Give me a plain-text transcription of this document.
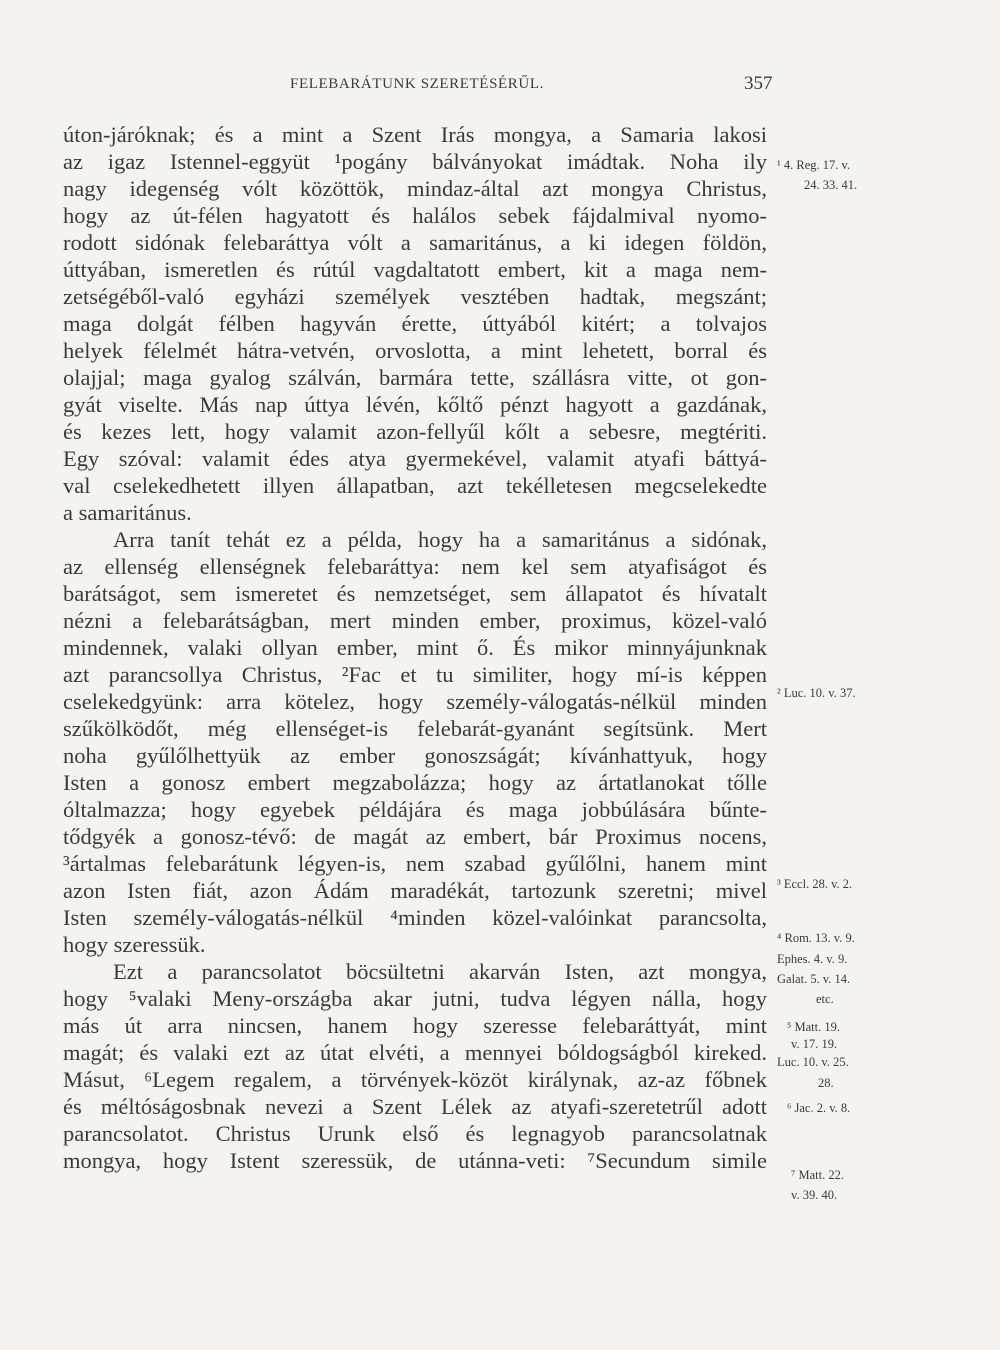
FELEBARÁTUNK SZERETÉSÉRŰL.	357
úton-járóknak; és a mint a Szent Irás mongya, a Samaria lakosi
az igaz Istennel-eggyüt ¹pogány bálványokat imádtak. Noha ily
nagy idegenség vólt közöttök, mindaz-által azt mongya Christus,
hogy az út-félen hagyatott és halálos sebek fájdalmival nyomo-
rodott sidónak felebaráttya vólt a samaritánus, a ki idegen földön,
úttyában, ismeretlen és rútúl vagdaltatott embert, kit a maga nem-
zetségéből-való egyházi személyek vesztében hadtak, megszánt;
maga dolgát félben hagyván érette, úttyából kitért; a tolvajos
helyek félelmét hátra-vetvén, orvoslotta, a mint lehetett, borral és
olajjal; maga gyalog szálván, barmára tette, szállásra vitte, ot gon-
gyát viselte. Más nap úttya lévén, kőltő pénzt hagyott a gazdának,
és kezes lett, hogy valamit azon-fellyűl kőlt a sebesre, megtériti.
Egy szóval: valamit édes atya gyermekével, valamit atyafi báttyá-
val cselekedhetett illyen állapatban, azt tekélletesen megcselekedte
a samaritánus.
Arra tanít tehát ez a példa, hogy ha a samaritánus a sidónak,
az ellenség ellenségnek felebaráttya: nem kel sem atyafiságot és
barátságot, sem ismeretet és nemzetséget, sem állapatot és hívatalt
nézni a felebarátságban, mert minden ember, proximus, közel-való
mindennek, valaki ollyan ember, mint ő. És mikor minnyájunknak
azt parancsollya Christus, ²Fac et tu similiter, hogy mí-is képpen
cselekedgyünk: arra kötelez, hogy személy-válogatás-nélkül minden
szűkölködőt, még ellenséget-is felebarát-gyanánt segítsünk. Mert
noha gyűlőlhettyük az ember gonoszságát; kívánhattyuk, hogy
Isten a gonosz embert megzabolázza; hogy az ártatlanokat tőlle
óltalmazza; hogy egyebek példájára és maga jobbúlására bűnte-
tődgyék a gonosz-tévő: de magát az embert, bár Proximus nocens,
³ártalmas felebarátunk légyen-is, nem szabad gyűlőlni, hanem mint
azon Isten fiát, azon Ádám maradékát, tartozunk szeretni; mivel
Isten személy-válogatás-nélkül ⁴minden közel-valóinkat parancsolta,
hogy szeressük.
Ezt a parancsolatot böcsültetni akarván Isten, azt mongya,
hogy ⁵valaki Meny-országba akar jutni, tudva légyen nálla, hogy
más út arra nincsen, hanem hogy szeresse felebaráttyát, mint
magát; és valaki ezt az útat elvéti, a mennyei bóldogságból kireked.
Másut, ⁶Legem regalem, a törvények-közöt királynak, az-az főbnek
és méltóságosbnak nevezi a Szent Lélek az atyafi-szeretetrűl adott
parancsolatot. Christus Urunk első és legnagyob parancsolatnak
mongya, hogy Istent szeressük, de utánna-veti: ⁷Secundum simile
¹ 4. Reg. 17. v.
24. 33. 41.
² Luc. 10. v. 37.
³ Eccl. 28. v. 2.
⁴ Rom. 13. v. 9.
Ephes. 4. v. 9.
Galat. 5. v. 14.
etc.
⁵ Matt. 19.
v. 17. 19.
Luc. 10. v. 25.
28.
⁶ Jac. 2. v. 8.
⁷ Matt. 22.
v. 39. 40.
